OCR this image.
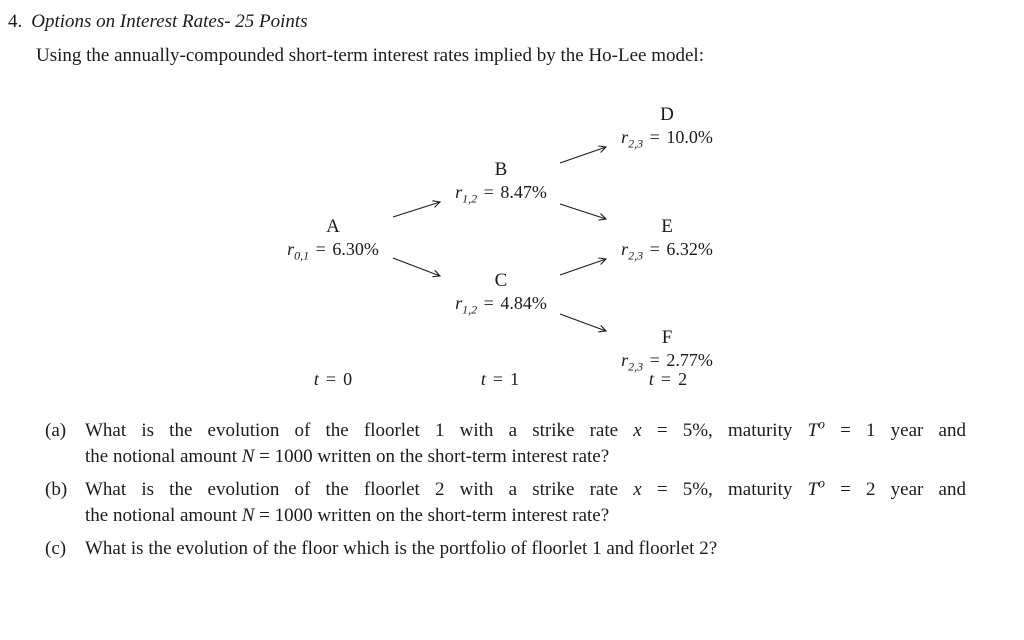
4. Options on Interest Rates- 25 Points
Using the annually-compounded short-term interest rates implied by the Ho-Lee model:
A
$r_{0,1} = 6.30\%$
B
$r_{1,2} = 8.47\%$
C
$r_{1,2} = 4.84\%$
D
$r_{2,3} = 10.0\%$
E
$r_{2,3} = 6.32\%$
F
$r_{2,3} = 2.77\%$
t = 0	t = 1	t = 2
(a) What is the evolution of the floorlet 1 with a strike rate x = 5%, maturity $T^o = 1$ year and
the notional amount N = 1000 written on the short-term interest rate?
(b) What is the evolution of the floorlet 2 with a strike rate x = 5%, maturity $T^o = 2$ year and
the notional amount N = 1000 written on the short-term interest rate?
(c) What is the evolution of the floor which is the portfolio of floorlet 1 and floorlet 2?
